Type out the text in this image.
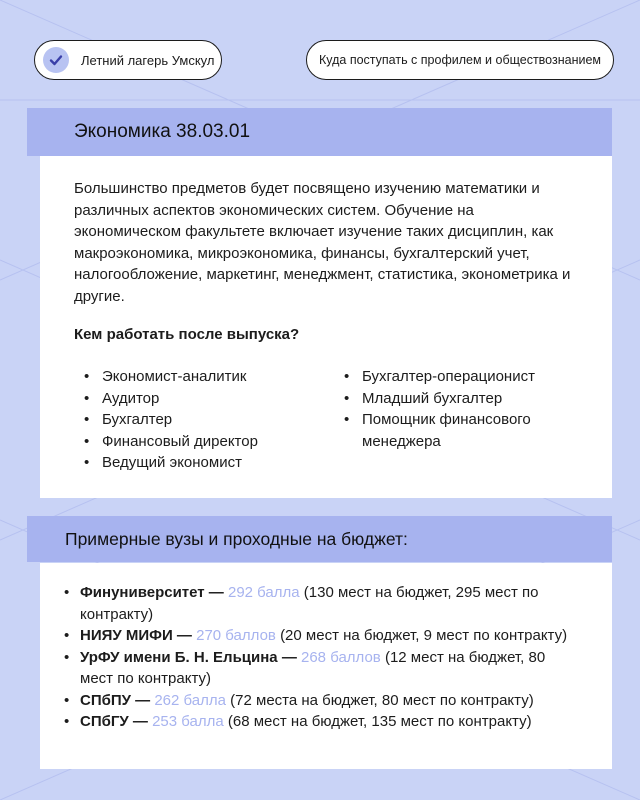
Летний лагерь Умскул	Куда поступать с профилем и обществознанием
Большинство предметов будет посвящено изучению математики и различных аспектов экономических систем. Обучение на экономическом факультете включает изучение таких дисциплин, как макроэкономика, микроэкономика, финансы, бухгалтерский учет, налогообложение, маркетинг, менеджмент, статистика, эконометрика и другие.
Кем работать после выпуска?
• Экономист-аналитик
• Аудитор
• Бухгалтер
• Финансовый директор
• Ведущий экономист
• Бухгалтер-операционист
• Младший бухгалтер
• Помощник финансового менеджера
Экономика 38.03.01
• Финуниверситет — 292 балла (130 мест на бюджет, 295 мест по контракту)
• НИЯУ МИФИ — 270 баллов (20 мест на бюджет, 9 мест по контракту)
• УрФУ имени Б. Н. Ельцина — 268 баллов (12 мест на бюджет, 80 мест по контракту)
• СПбПУ — 262 балла (72 места на бюджет, 80 мест по контракту)
• СПбГУ — 253 балла (68 мест на бюджет, 135 мест по контракту)
Примерные вузы и проходные на бюджет:
